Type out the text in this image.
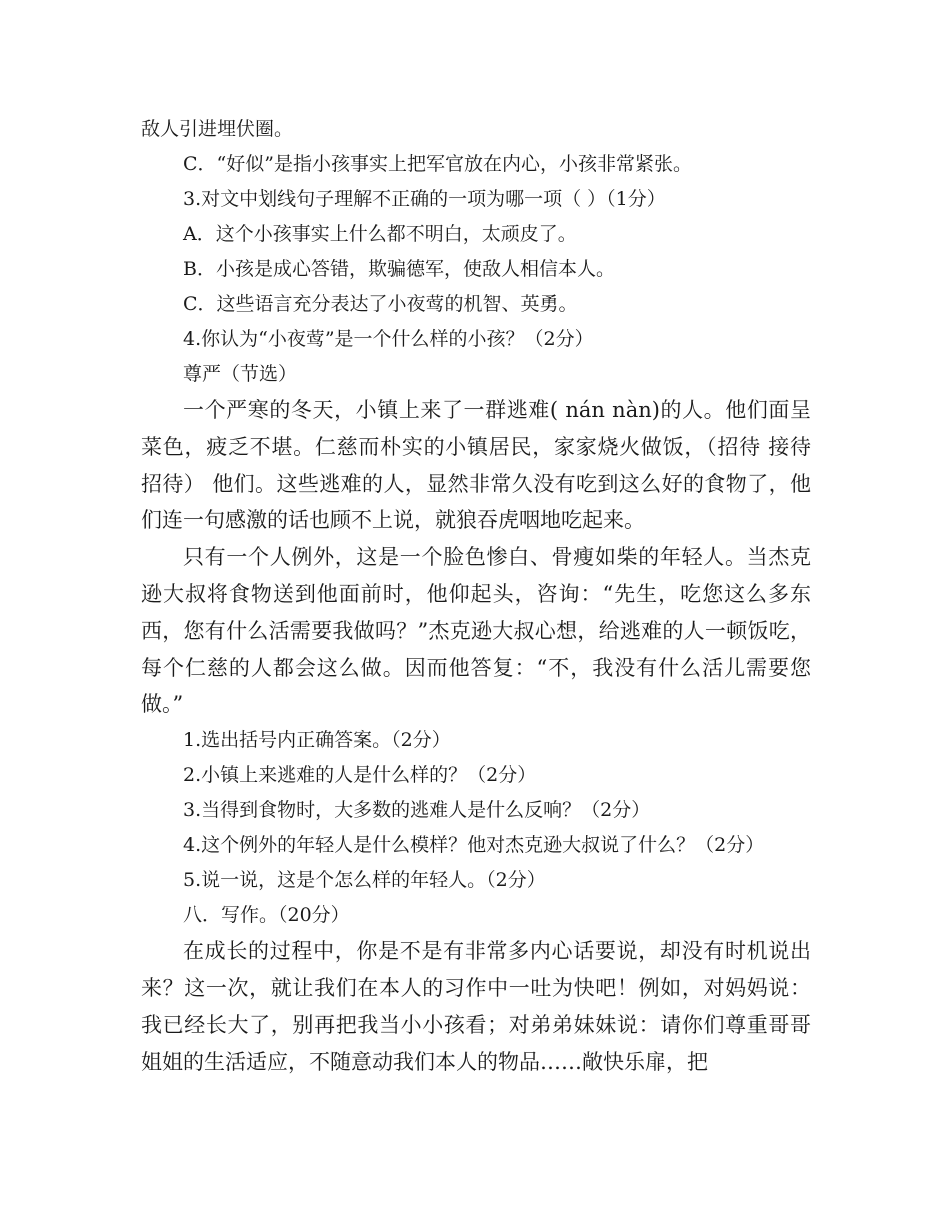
敌人引进埋伏圈。

C．“好似”是指小孩事实上把军官放在内心，小孩非常紧张。

3.对文中划线句子理解不正确的一项为哪一项（ ）（1分）

A．这个小孩事实上什么都不明白，太顽皮了。

B．小孩是成心答错，欺骗德军，使敌人相信本人。

C．这些语言充分表达了小夜莺的机智、英勇。

4.你认为“小夜莺”是一个什么样的小孩？（2分）

尊严（节选）

一个严寒的冬天，小镇上来了一群逃难( nán nàn)的人。他们面呈菜色，疲乏不堪。仁慈而朴实的小镇居民，家家烧火做饭，（招待 接待 招待） 他们。这些逃难的人，显然非常久没有吃到这么好的食物了，他们连一句感激的话也顾不上说，就狼吞虎咽地吃起来。

只有一个人例外，这是一个脸色惨白、骨瘦如柴的年轻人。当杰克逊大叔将食物送到他面前时，他仰起头，咨询：“先生，吃您这么多东西，您有什么活需要我做吗？”杰克逊大叔心想，给逃难的人一顿饭吃，每个仁慈的人都会这么做。因而他答复：“不，我没有什么活儿需要您做。”

1.选出括号内正确答案。（2分）

2.小镇上来逃难的人是什么样的？（2分）

3.当得到食物时，大多数的逃难人是什么反响？（2分）

4.这个例外的年轻人是什么模样？他对杰克逊大叔说了什么？（2分）

5.说一说，这是个怎么样的年轻人。（2分）

八．写作。（20分）

在成长的过程中，你是不是有非常多内心话要说，却没有时机说出来？这一次，就让我们在本人的习作中一吐为快吧！例如，对妈妈说：我已经长大了，别再把我当小小孩看；对弟弟妹妹说：请你们尊重哥哥姐姐的生活适应，不随意动我们本人的物品……敞快乐扉，把
